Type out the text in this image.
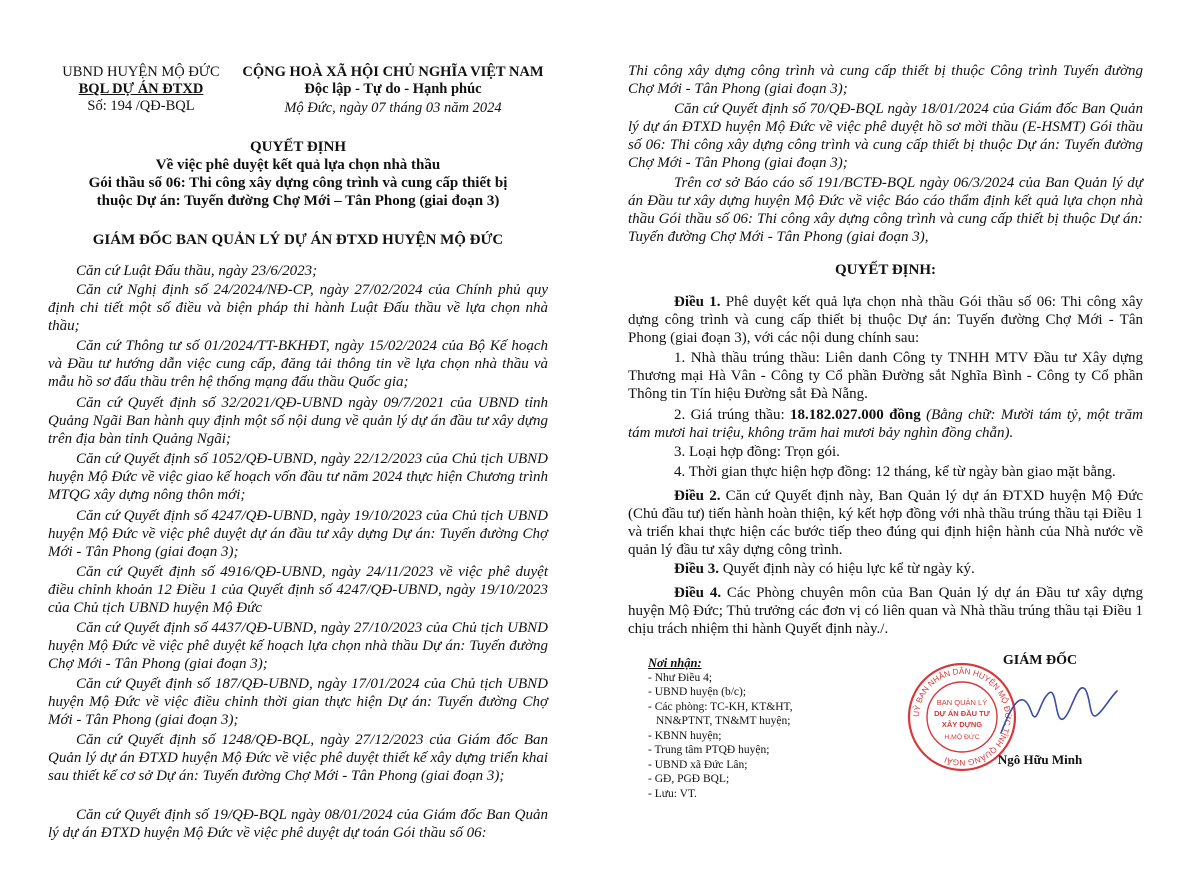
UBND HUYỆN MỘ ĐỨC
BQL DỰ ÁN ĐTXD
Số: 194 /QĐ-BQL
CỘNG HOÀ XÃ HỘI CHỦ NGHĨA VIỆT NAM
Độc lập - Tự do - Hạnh phúc
Mộ Đức, ngày 07 tháng 03 năm 2024
QUYẾT ĐỊNH
Về việc phê duyệt kết quả lựa chọn nhà thầu
Gói thầu số 06: Thi công xây dựng công trình và cung cấp thiết bị
thuộc Dự án: Tuyến đường Chợ Mới – Tân Phong (giai đoạn 3)
GIÁM ĐỐC BAN QUẢN LÝ DỰ ÁN ĐTXD HUYỆN MỘ ĐỨC
Căn cứ Luật Đấu thầu, ngày 23/6/2023;
Căn cứ Nghị định số 24/2024/NĐ-CP, ngày 27/02/2024 của Chính phủ quy định chi tiết một số điều và biện pháp thi hành Luật Đấu thầu về lựa chọn nhà thầu;
Căn cứ Thông tư số 01/2024/TT-BKHĐT, ngày 15/02/2024 của Bộ Kế hoạch và Đầu tư hướng dẫn việc cung cấp, đăng tải thông tin về lựa chọn nhà thầu và mẫu hồ sơ đấu thầu trên hệ thống mạng đấu thầu Quốc gia;
Căn cứ Quyết định số 32/2021/QĐ-UBND ngày 09/7/2021 của UBND tỉnh Quảng Ngãi Ban hành quy định một số nội dung về quản lý dự án đầu tư xây dựng trên địa bàn tỉnh Quảng Ngãi;
Căn cứ Quyết định số 1052/QĐ-UBND, ngày 22/12/2023 của Chủ tịch UBND huyện Mộ Đức về việc giao kế hoạch vốn đầu tư năm 2024 thực hiện Chương trình MTQG xây dựng nông thôn mới;
Căn cứ Quyết định số 4247/QĐ-UBND, ngày 19/10/2023 của Chủ tịch UBND huyện Mộ Đức về việc phê duyệt dự án đầu tư xây dựng Dự án: Tuyến đường Chợ Mới - Tân Phong (giai đoạn 3);
Căn cứ Quyết định số 4916/QĐ-UBND, ngày 24/11/2023 về việc phê duyệt điều chỉnh khoản 12 Điều 1 của Quyết định số 4247/QĐ-UBND, ngày 19/10/2023 của Chủ tịch UBND huyện Mộ Đức
Căn cứ Quyết định số 4437/QĐ-UBND, ngày 27/10/2023 của Chủ tịch UBND huyện Mộ Đức về việc phê duyệt kế hoạch lựa chọn nhà thầu Dự án: Tuyến đường Chợ Mới - Tân Phong (giai đoạn 3);
Căn cứ Quyết định số 187/QĐ-UBND, ngày 17/01/2024 của Chủ tịch UBND huyện Mộ Đức về việc điều chỉnh thời gian thực hiện Dự án: Tuyến đường Chợ Mới - Tân Phong (giai đoạn 3);
Căn cứ Quyết định số 1248/QĐ-BQL, ngày 27/12/2023 của Giám đốc Ban Quản lý dự án ĐTXD huyện Mộ Đức về việc phê duyệt thiết kế xây dựng triển khai sau thiết kế cơ sở Dự án: Tuyến đường Chợ Mới - Tân Phong (giai đoạn 3);
Căn cứ Quyết định số 19/QĐ-BQL ngày 08/01/2024 của Giám đốc Ban Quản lý dự án ĐTXD huyện Mộ Đức về việc phê duyệt dự toán Gói thầu số 06:
Thi công xây dựng công trình và cung cấp thiết bị thuộc Công trình Tuyến đường Chợ Mới - Tân Phong (giai đoạn 3);
Căn cứ Quyết định số 70/QĐ-BQL ngày 18/01/2024 của Giám đốc Ban Quản lý dự án ĐTXD huyện Mộ Đức về việc phê duyệt hồ sơ mời thầu (E-HSMT) Gói thầu số 06: Thi công xây dựng công trình và cung cấp thiết bị thuộc Dự án: Tuyến đường Chợ Mới - Tân Phong (giai đoạn 3);
Trên cơ sở Báo cáo số 191/BCTĐ-BQL ngày 06/3/2024 của Ban Quản lý dự án Đầu tư xây dựng huyện Mộ Đức về việc Báo cáo thẩm định kết quả lựa chọn nhà thầu Gói thầu số 06: Thi công xây dựng công trình và cung cấp thiết bị thuộc Dự án: Tuyến đường Chợ Mới - Tân Phong (giai đoạn 3),
QUYẾT ĐỊNH:
Điều 1. Phê duyệt kết quả lựa chọn nhà thầu Gói thầu số 06: Thi công xây dựng công trình và cung cấp thiết bị thuộc Dự án: Tuyến đường Chợ Mới - Tân Phong (giai đoạn 3), với các nội dung chính sau:
1. Nhà thầu trúng thầu: Liên danh Công ty TNHH MTV Đầu tư Xây dựng Thương mại Hà Vân - Công ty Cổ phần Đường sắt Nghĩa Bình - Công ty Cổ phần Thông tin Tín hiệu Đường sắt Đà Nẵng.
2. Giá trúng thầu: 18.182.027.000 đồng (Bằng chữ: Mười tám tỷ, một trăm tám mươi hai triệu, không trăm hai mươi bảy nghìn đồng chẵn).
3. Loại hợp đồng: Trọn gói.
4. Thời gian thực hiện hợp đồng: 12 tháng, kể từ ngày bàn giao mặt bằng.
Điều 2. Căn cứ Quyết định này, Ban Quản lý dự án ĐTXD huyện Mộ Đức (Chủ đầu tư) tiến hành hoàn thiện, ký kết hợp đồng với nhà thầu trúng thầu tại Điều 1 và triển khai thực hiện các bước tiếp theo đúng qui định hiện hành của Nhà nước về quản lý đầu tư xây dựng công trình.
Điều 3. Quyết định này có hiệu lực kể từ ngày ký.
Điều 4. Các Phòng chuyên môn của Ban Quản lý dự án Đầu tư xây dựng huyện Mộ Đức; Thủ trưởng các đơn vị có liên quan và Nhà thầu trúng thầu tại Điều 1 chịu trách nhiệm thi hành Quyết định này./.
Nơi nhận:
- Như Điều 4;
- UBND huyện (b/c);
- Các phòng: TC-KH, KT&HT,
NN&PTNT, TN&MT huyện;
- KBNN huyện;
- Trung tâm PTQĐ huyện;
- UBND xã Đức Lân;
- GĐ, PGĐ BQL;
- Lưu: VT.
GIÁM ĐỐC
UỶ BAN NHÂN DÂN HUYỆN MỘ ĐỨC TỈNH QUẢNG NGÃI
BAN QUẢN LÝ
DỰ ÁN ĐẦU TƯ
XÂY DỰNG
H.MỘ ĐỨC
Ngô Hữu Minh
